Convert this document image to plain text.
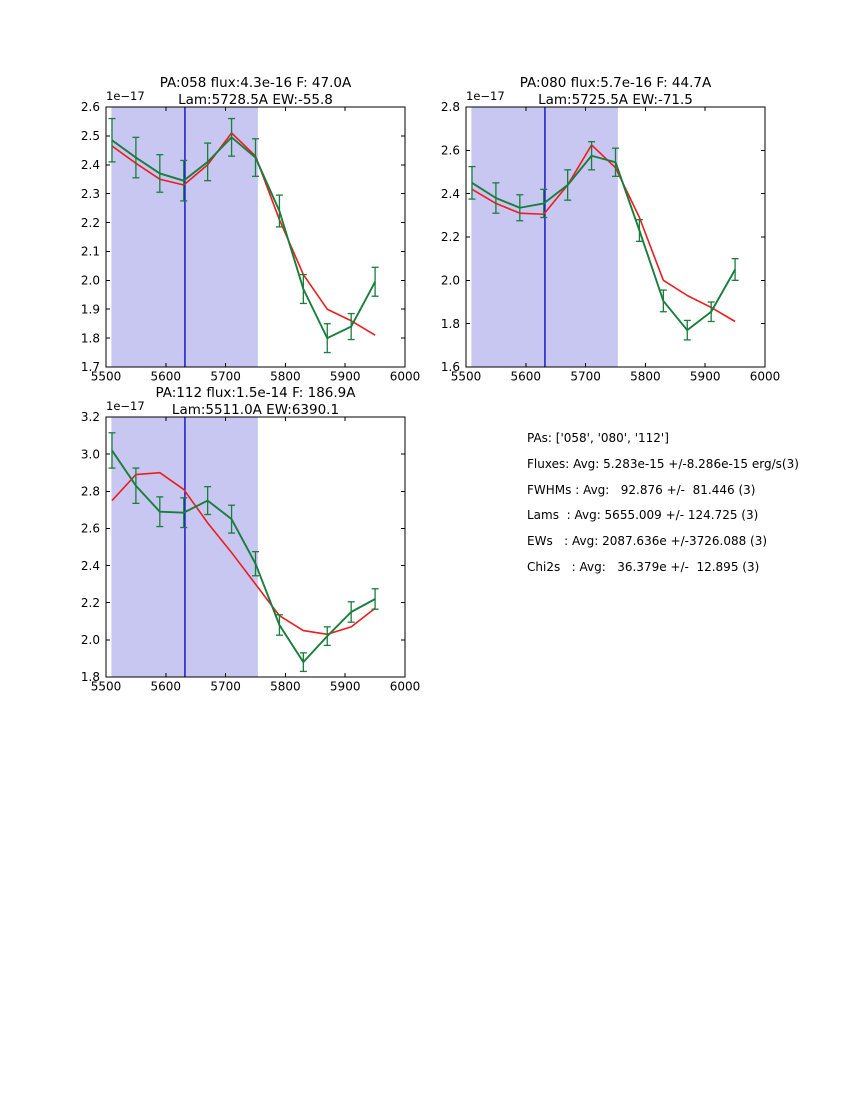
5500 5600 5700 5800 5900 6000
1.7
1.8
1.9
2.0
2.1
2.2
2.3
2.4
2.5
2.6
PA:058 flux:4.3e-16 F: 47.0A
Lam:5728.5A EW:-55.8
1e−17
5500 5600 5700 5800 5900 6000
1.6
1.8
2.0
2.2
2.4
2.6
2.8
PA:080 flux:5.7e-16 F: 44.7A
Lam:5725.5A EW:-71.5
1e−17
5500 5600 5700 5800 5900 6000
1.8
2.0
2.2
2.4
2.6
2.8
3.0
3.2
PA:112 flux:1.5e-14 F: 186.9A
Lam:5511.0A EW:6390.1
1e−17
PAs: ['058', '080', '112']
Fluxes: Avg: 5.283e-15 +/-8.286e-15 erg/s(3)
FWHMs : Avg:   92.876 +/-  81.446 (3)
Lams  : Avg: 5655.009 +/- 124.725 (3)
EWs   : Avg: 2087.636e +/-3726.088 (3)
Chi2s   : Avg:   36.379e +/-  12.895 (3)
